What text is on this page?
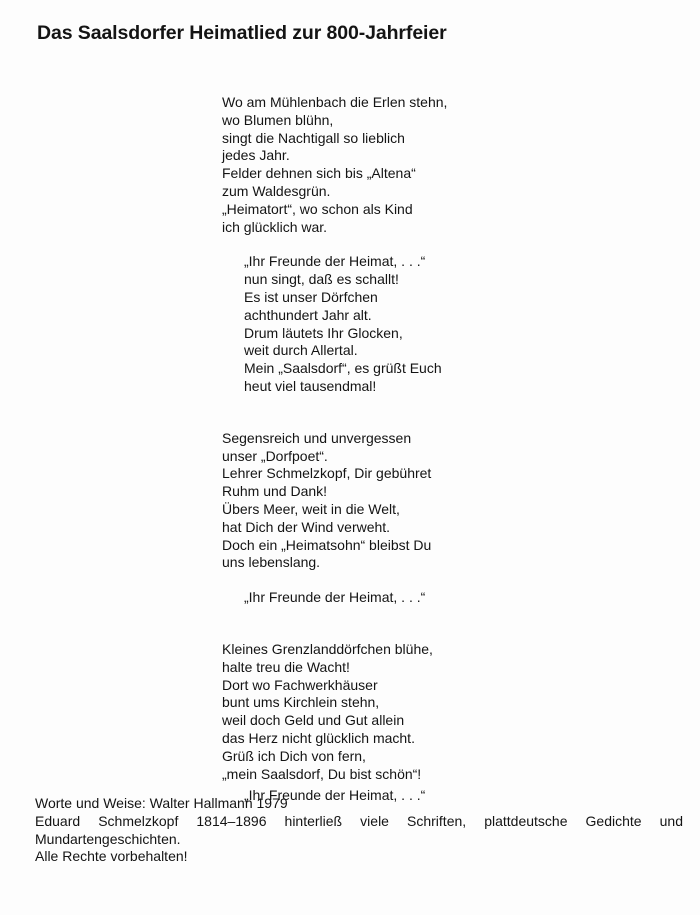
Das Saalsdorfer Heimatlied zur 800-Jahrfeier
Wo am Mühlenbach die Erlen stehn,
wo Blumen blühn,
singt die Nachtigall so lieblich
jedes Jahr.
Felder dehnen sich bis „Altena“
zum Waldesgrün.
„Heimatort“, wo schon als Kind
ich glücklich war.
„Ihr Freunde der Heimat, . . .“
nun singt, daß es schallt!
Es ist unser Dörfchen
achthundert Jahr alt.
Drum läutets Ihr Glocken,
weit durch Allertal.
Mein „Saalsdorf“, es grüßt Euch
heut viel tausendmal!
Segensreich und unvergessen
unser „Dorfpoet“.
Lehrer Schmelzkopf, Dir gebühret
Ruhm und Dank!
Übers Meer, weit in die Welt,
hat Dich der Wind verweht.
Doch ein „Heimatsohn“ bleibst Du
uns lebenslang.
„Ihr Freunde der Heimat, . . .“
Kleines Grenzlanddörfchen blühe,
halte treu die Wacht!
Dort wo Fachwerkhäuser
bunt ums Kirchlein stehn,
weil doch Geld und Gut allein
das Herz nicht glücklich macht.
Grüß ich Dich von fern,
„mein Saalsdorf, Du bist schön“!
„Ihr Freunde der Heimat, . . .“

Worte und Weise: Walter Hallmann 1979

Eduard Schmelzkopf 1814–1896 hinterließ viele Schriften, plattdeutsche Gedichte und Mundartengeschichten.

Alle Rechte vorbehalten!
